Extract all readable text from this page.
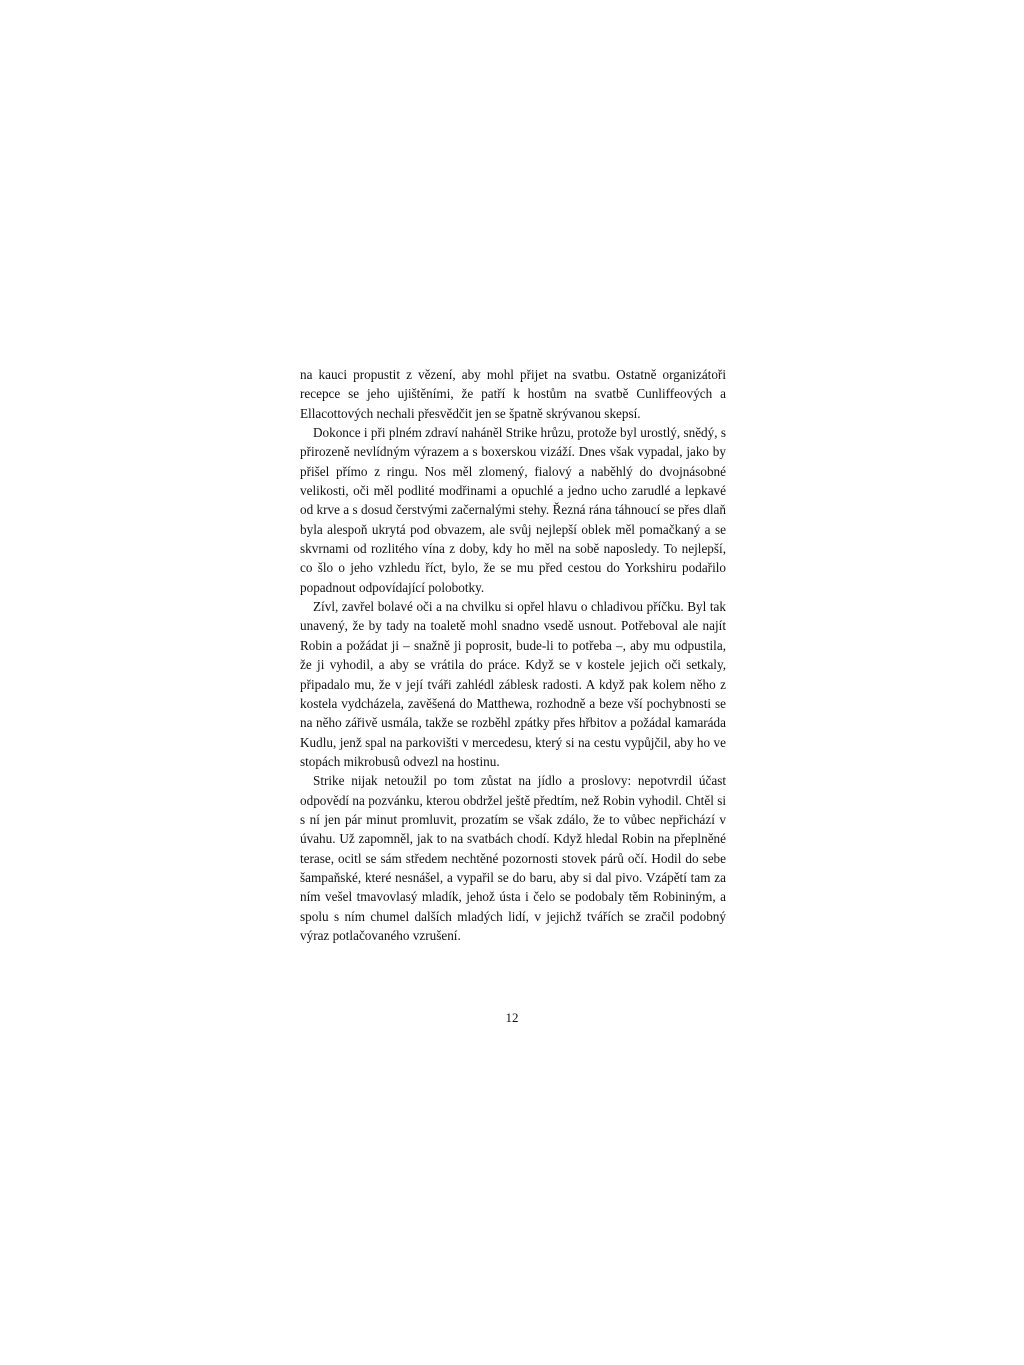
na kauci propustit z vězení, aby mohl přijet na svatbu. Ostatně organizátoři recepce se jeho ujištěními, že patří k hostům na svatbě Cunliffeových a Ellacottových nechali přesvědčit jen se špatně skrývanou skepsí.

Dokonce i při plném zdraví naháněl Strike hrůzu, protože byl urostlý, snědý, s přirozeně nevlídným výrazem a s boxerskou vizáží. Dnes však vypadal, jako by přišel přímo z ringu. Nos měl zlomený, fialový a naběhlý do dvojnásobné velikosti, oči měl podlité modřinami a opuchlé a jedno ucho zarudlé a lepkavé od krve a s dosud čerstvými začernalými stehy. Řezná rána táhnoucí se přes dlaň byla alespoň ukrytá pod obvazem, ale svůj nejlepší oblek měl pomačkaný a se skvrnami od rozlitého vína z doby, kdy ho měl na sobě naposledy. To nejlepší, co šlo o jeho vzhledu říct, bylo, že se mu před cestou do Yorkshiru podařilo popadnout odpovídající polobotky.

Zívl, zavřel bolavé oči a na chvilku si opřel hlavu o chladivou příčku. Byl tak unavený, že by tady na toaletě mohl snadno vsedě usnout. Potřeboval ale najít Robin a požádat ji – snažně ji poprosit, bude-li to potřeba –, aby mu odpustila, že ji vyhodil, a aby se vrátila do práce. Když se v kostele jejich oči setkaly, připadalo mu, že v její tváři zahlédl záblesk radosti. A když pak kolem něho z kostela vydcházela, zavěšená do Matthewa, rozhodně a beze vší pochybnosti se na něho zářivě usmála, takže se rozběhl zpátky přes hřbitov a požádal kamaráda Kudlu, jenž spal na parkovišti v mercedesu, který si na cestu vypůjčil, aby ho ve stopách mikrobusů odvezl na hostinu.

Strike nijak netoužil po tom zůstat na jídlo a proslovy: nepotvrdil účast odpovědí na pozvánku, kterou obdržel ještě předtím, než Robin vyhodil. Chtěl si s ní jen pár minut promluvit, prozatím se však zdálo, že to vůbec nepřichází v úvahu. Už zapomněl, jak to na svatbách chodí. Když hledal Robin na přeplněné terase, ocitl se sám středem nechtěné pozornosti stovek párů očí. Hodil do sebe šampaňské, které nesnášel, a vypařil se do baru, aby si dal pivo. Vzápětí tam za ním vešel tmavovlasý mladík, jehož ústa i čelo se podobaly těm Robininým, a spolu s ním chumel dalších mladých lidí, v jejichž tvářích se zračil podobný výraz potlačovaného vzrušení.

12
